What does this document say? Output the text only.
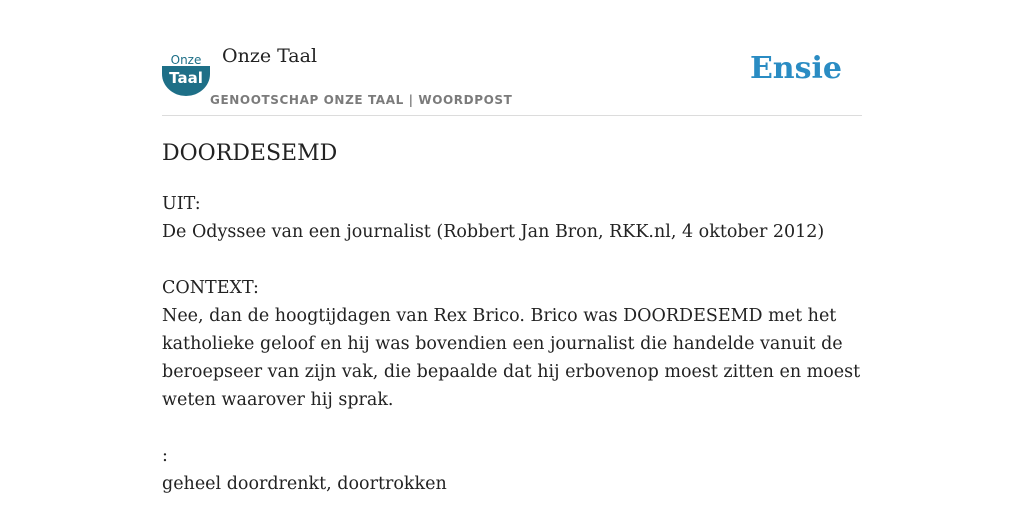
Onze
Taal
Onze Taal
GENOOTSCHAP ONZE TAAL | WOORDPOST
Ensie
DOORDESEMD

UIT:

De Odyssee van een journalist (Robbert Jan Bron, RKK.nl, 4 oktober 2012)

CONTEXT:

Nee, dan de hoogtijdagen van Rex Brico. Brico was DOORDESEMD met het katholieke geloof en hij was bovendien een journalist die handelde vanuit de beroepseer van zijn vak, die bepaalde dat hij erbovenop moest zitten en moest weten waarover hij sprak.

:

geheel doordrenkt, doortrokken
